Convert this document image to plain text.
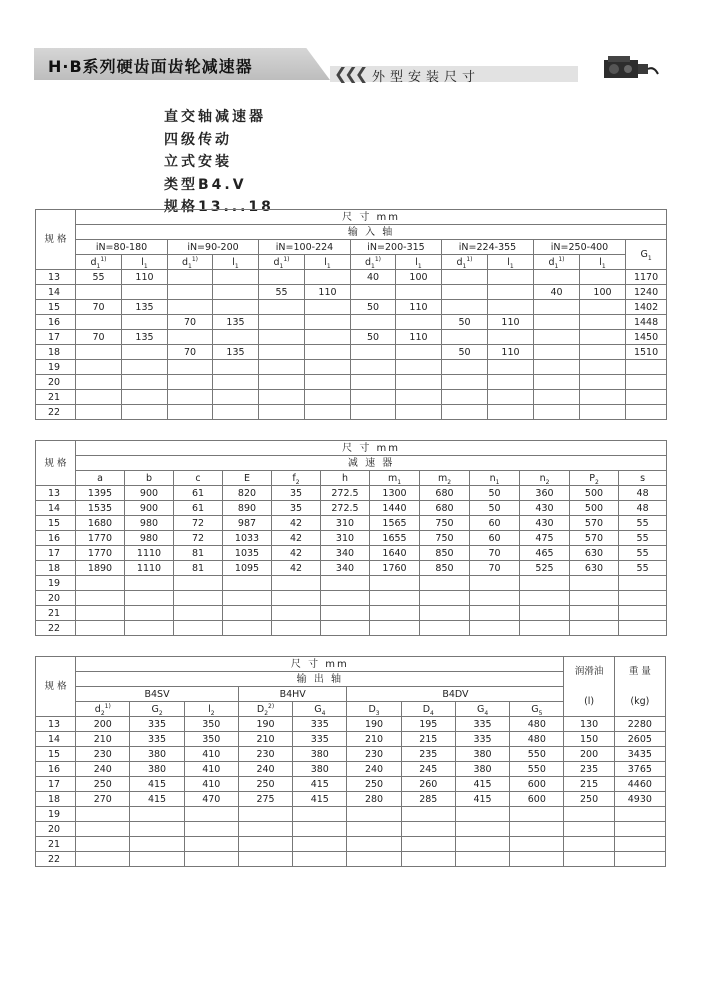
H·B系列硬齿面齿轮减速器	❮❮❮ 外型安装尺寸
直交轴减速器
四级传动
立式安装
类型B4.V
规格13...18
规 格	尺 寸 mm												
	输 入 轴												
	iN=80-180		iN=90-200		iN=100-224		iN=200-315		iN=224-355		iN=250-400		$G_1$
	$d_1^{1)}$	$l_1$	$d_1^{1)}$	$l_1$	$d_1^{1)}$	$l_1$	$d_1^{1)}$	$l_1$	$d_1^{1)}$	$l_1$	$d_1^{1)}$	$l_1$
13	55	110					40	100					1170
14					55	110					40	100	1240
15	70	135					50	110					1402
16			70	135					50	110			1448
17	70	135					50	110					1450
18			70	135					50	110			1510
19													
20													
21													
22													
规 格	尺 寸 mm											
	减 速 器											
	a	b	c	E	$f_2$	h	$m_1$	$m_2$	$n_1$	$n_2$	$P_2$	s
13	1395	900	61	820	35	272.5	1300	680	50	360	500	48
14	1535	900	61	890	35	272.5	1440	680	50	430	500	48
15	1680	980	72	987	42	310	1565	750	60	430	570	55
16	1770	980	72	1033	42	310	1655	750	60	475	570	55
17	1770	1110	81	1035	42	340	1640	850	70	465	630	55
18	1890	1110	81	1095	42	340	1760	850	70	525	630	55
19												
20												
21												
22												
规 格	尺 寸 mm									润滑油	重 量
	输 出 轴										
	B4SV			B4HV		B4DV				(l)	(kg)
	$d_2^{1)}$	$G_2$	$l_2$	$D_2^{2)}$	$G_4$	$D_3$	$D_4$	$G_4$	$G_5$
13	200	335	350	190	335	190	195	335	480	130	2280
14	210	335	350	210	335	210	215	335	480	150	2605
15	230	380	410	230	380	230	235	380	550	200	3435
16	240	380	410	240	380	240	245	380	550	235	3765
17	250	415	410	250	415	250	260	415	600	215	4460
18	270	415	470	275	415	280	285	415	600	250	4930
19											
20											
21											
22											
